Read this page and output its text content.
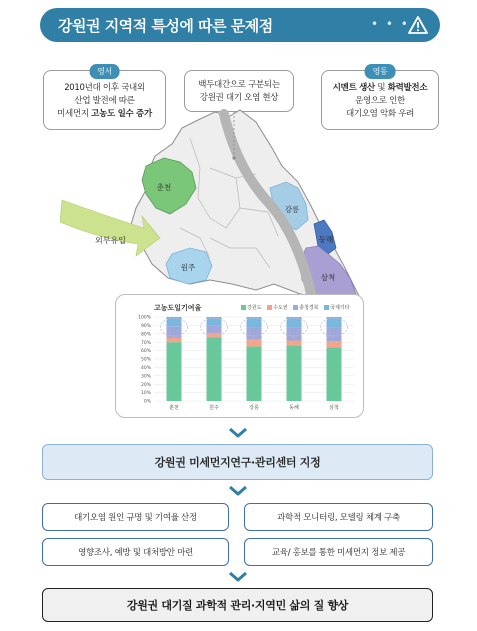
강원권 지역적 특성에 따른 문제점	• • •
영서
2010년대 이후 국내외
산업 발전에 따른
미세먼지 고농도 일수 증가
백두대간으로 구분되는
강원권 대기 오염 현상
영동
시멘트 생산 및 화력발전소
운영으로 인한
대기오염 악화 우려
춘천
원주
강릉
동해
삼척
외부유입
고농도일기여율	강원도 수도권 충청경북 국제기타
0%
10%
20%
30%
40%
50%
60%
70%
80%
90%
100%
춘천	원주	강릉	동해	삼척
강원권 미세먼지연구·관리센터 지정
대기오염 원인 규명 및 기여율 산정	과학적 모니터링, 모델링 체계 구축
영향조사, 예방 및 대처방안 마련	교육/ 홍보를 통한 미세먼지 정보 제공
강원권 대기질 과학적 관리·지역민 삶의 질 향상
